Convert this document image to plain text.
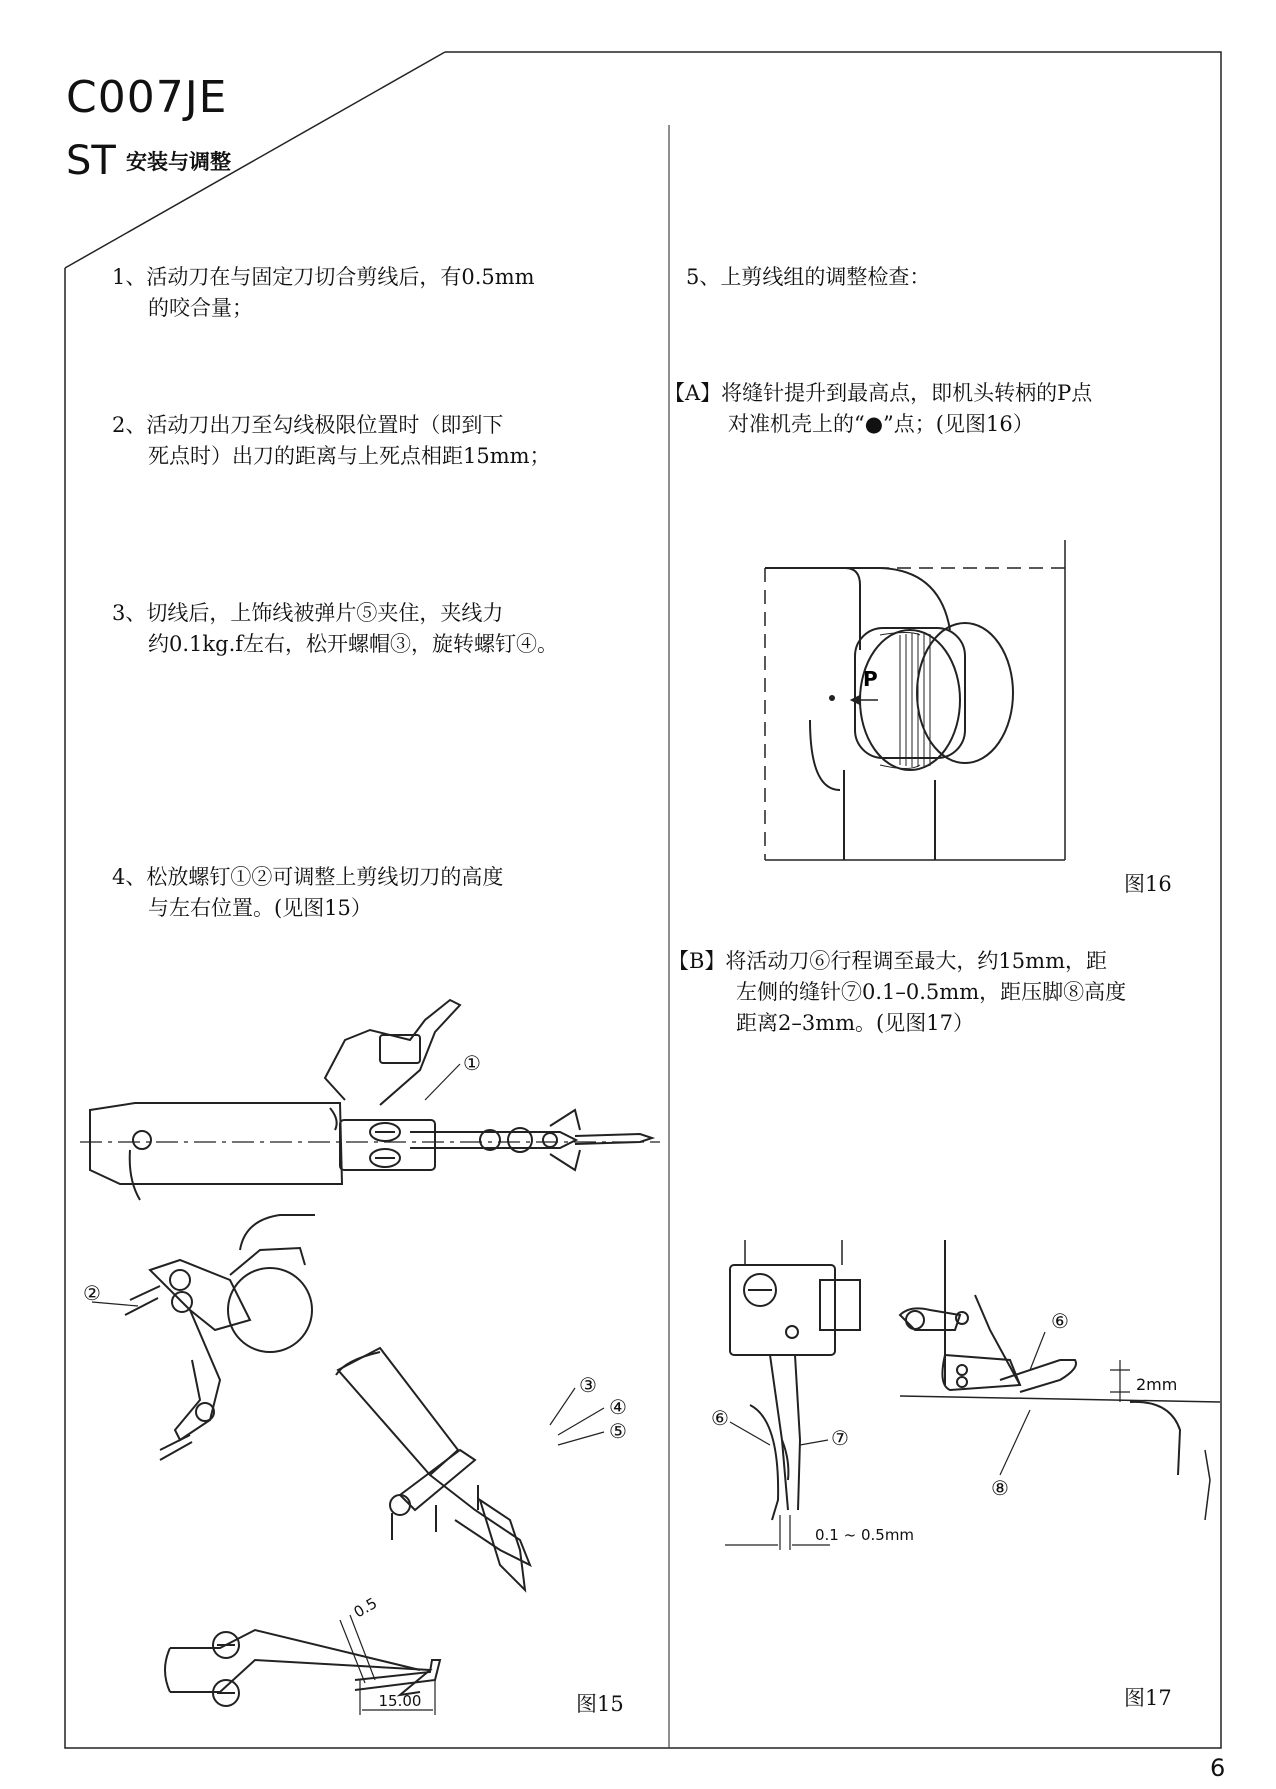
C007JE
ST 安装与调整
1、活动刀在与固定刀切合剪线后，有0.5mm
的咬合量；
2、活动刀出刀至勾线极限位置时（即到下
死点时）出刀的距离与上死点相距15mm；
3、切线后，上饰线被弹片⑤夹住，夹线力
约0.1kg.f左右，松开螺帽③，旋转螺钉④。
4、松放螺钉①②可调整上剪线切刀的高度
与左右位置。(见图15）
①
②
③
④
⑤
0.5
15.00	图15
5、上剪线组的调整检查：
【A】将缝针提升到最高点，即机头转柄的P点
对准机壳上的“●”点；(见图16）
P
图16
【B】将活动刀⑥行程调至最大，约15mm，距
左侧的缝针⑦0.1–0.5mm，距压脚⑧高度
距离2–3mm。(见图17）
⑥
⑦
⑥
⑧
0.1 ~ 0.5mm
2mm
图17
6
